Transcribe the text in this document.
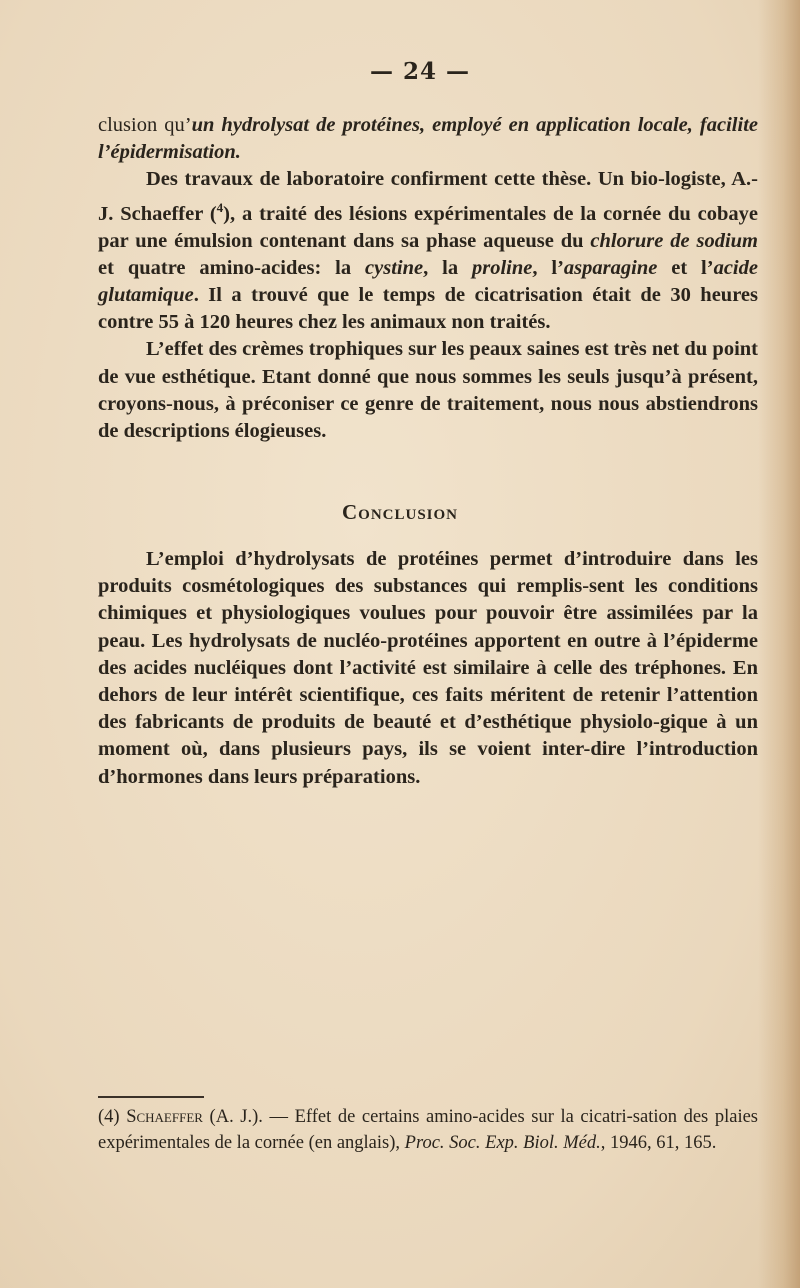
— 24 —

clusion qu’un hydrolysat de protéines, employé en application locale, facilite l’épidermisation.

Des travaux de laboratoire confirment cette thèse. Un bio-logiste, A.-J. Schaeffer ($^4$), a traité des lésions expérimentales de la cornée du cobaye par une émulsion contenant dans sa phase aqueuse du chlorure de sodium et quatre amino-acides: la cystine, la proline, l’asparagine et l’acide glutamique. Il a trouvé que le temps de cicatrisation était de 30 heures contre 55 à 120 heures chez les animaux non traités.

L’effet des crèmes trophiques sur les peaux saines est très net du point de vue esthétique. Etant donné que nous sommes les seuls jusqu’à présent, croyons-nous, à préconiser ce genre de traitement, nous nous abstiendrons de descriptions élogieuses.

Conclusion

L’emploi d’hydrolysats de protéines permet d’introduire dans les produits cosmétologiques des substances qui remplis-sent les conditions chimiques et physiologiques voulues pour pouvoir être assimilées par la peau. Les hydrolysats de nucléo-protéines apportent en outre à l’épiderme des acides nucléiques dont l’activité est similaire à celle des tréphones. En dehors de leur intérêt scientifique, ces faits méritent de retenir l’attention des fabricants de produits de beauté et d’esthétique physiolo-gique à un moment où, dans plusieurs pays, ils se voient inter-dire l’introduction d’hormones dans leurs préparations.

(4) Schaeffer (A. J.). — Effet de certains amino-acides sur la cicatri-sation des plaies expérimentales de la cornée (en anglais), Proc. Soc. Exp. Biol. Méd., 1946, 61, 165.
